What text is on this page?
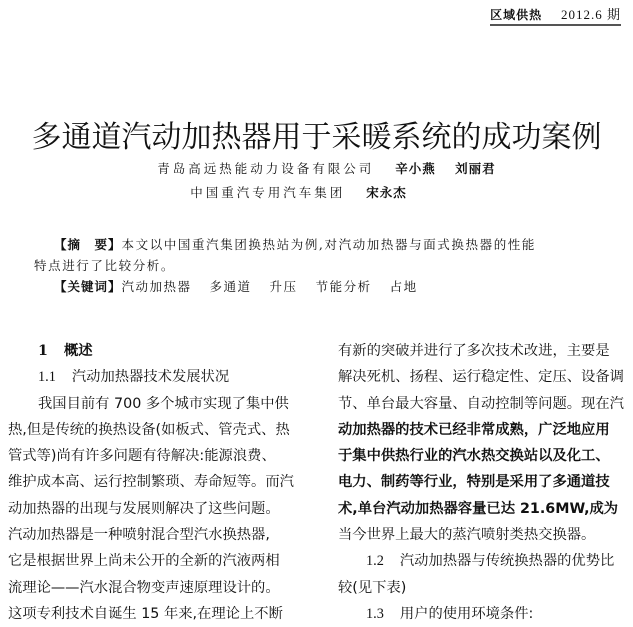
区域供热 2012.6 期
多通道汽动加热器用于采暖系统的成功案例
青岛高远热能动力设备有限公司 辛小燕 刘丽君
中国重汽专用汽车集团 宋永杰

【摘　要】本文以中国重汽集团换热站为例,对汽动加热器与面式换热器的性能

特点进行了比较分析。

【关键词】汽动加热器 多通道 升压 节能分析 占地

1 概述
1.1 汽动加热器技术发展状况
我国目前有 700 多个城市实现了集中供
热,但是传统的换热设备(如板式、管壳式、热
管式等)尚有许多问题有待解决:能源浪费、
维护成本高、运行控制繁琐、寿命短等。而汽
动加热器的出现与发展则解决了这些问题。
汽动加热器是一种喷射混合型汽水换热器,
它是根据世界上尚未公开的全新的汽液两相
流理论——汽水混合物变声速原理设计的。
这项专利技术自诞生 15 年来,在理论上不断
有新的突破并进行了多次技术改进，主要是
解决死机、扬程、运行稳定性、定压、设备调
节、单台最大容量、自动控制等问题。现在汽
动加热器的技术已经非常成熟，广泛地应用
于集中供热行业的汽水热交换站以及化工、
电力、制药等行业，特别是采用了多通道技
术,单台汽动加热器容量已达 21.6MW,成为
当今世界上最大的蒸汽喷射类热交换器。
1.2 汽动加热器与传统换热器的优势比
较(见下表)
1.3 用户的使用环境条件:
